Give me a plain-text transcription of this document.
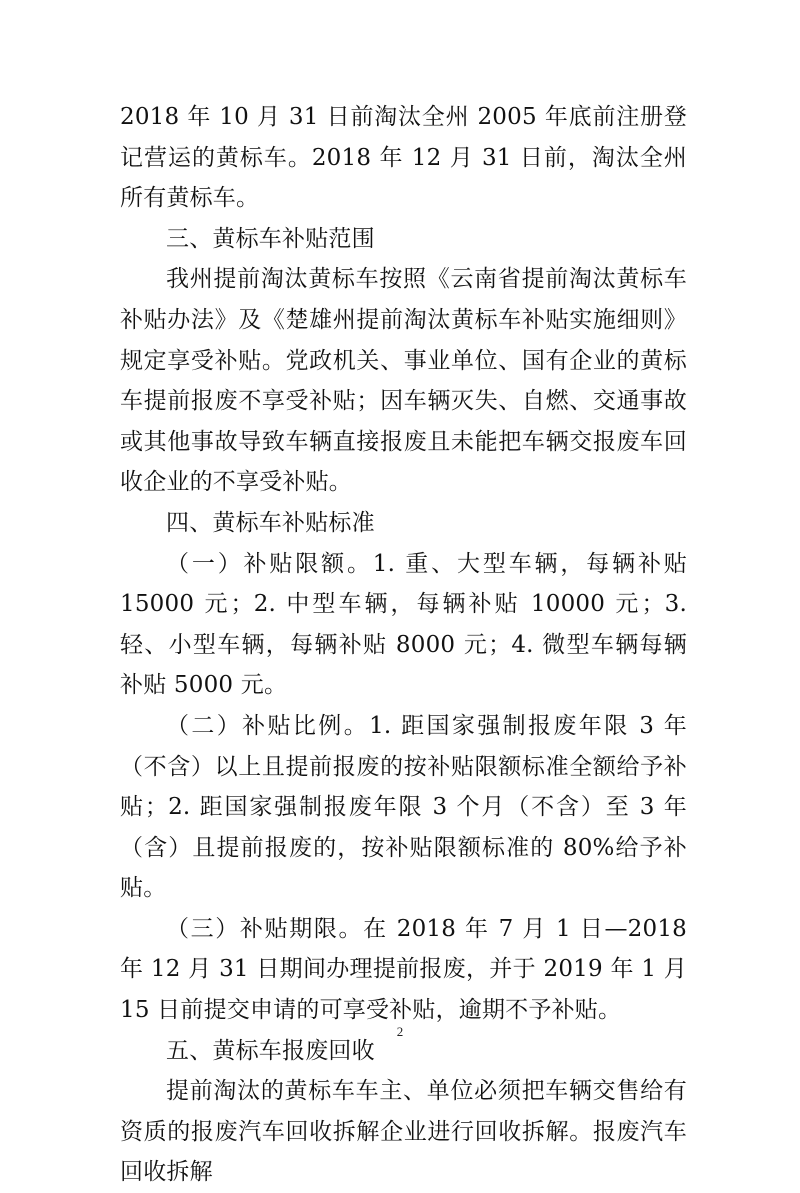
2018 年 10 月 31 日前淘汰全州 2005 年底前注册登记营运的黄标车。2018 年 12 月 31 日前，淘汰全州所有黄标车。

三、黄标车补贴范围

我州提前淘汰黄标车按照《云南省提前淘汰黄标车补贴办法》及《楚雄州提前淘汰黄标车补贴实施细则》规定享受补贴。党政机关、事业单位、国有企业的黄标车提前报废不享受补贴；因车辆灭失、自燃、交通事故或其他事故导致车辆直接报废且未能把车辆交报废车回收企业的不享受补贴。

四、黄标车补贴标准

（一）补贴限额。1. 重、大型车辆，每辆补贴 15000 元；2. 中型车辆，每辆补贴 10000 元；3. 轻、小型车辆，每辆补贴 8000 元；4. 微型车辆每辆补贴 5000 元。

（二）补贴比例。1. 距国家强制报废年限 3 年（不含）以上且提前报废的按补贴限额标准全额给予补贴；2. 距国家强制报废年限 3 个月（不含）至 3 年（含）且提前报废的，按补贴限额标准的 80%给予补贴。

（三）补贴期限。在 2018 年 7 月 1 日—2018 年 12 月 31 日期间办理提前报废，并于 2019 年 1 月 15 日前提交申请的可享受补贴，逾期不予补贴。

五、黄标车报废回收

提前淘汰的黄标车车主、单位必须把车辆交售给有资质的报废汽车回收拆解企业进行回收拆解。报废汽车回收拆解

2
